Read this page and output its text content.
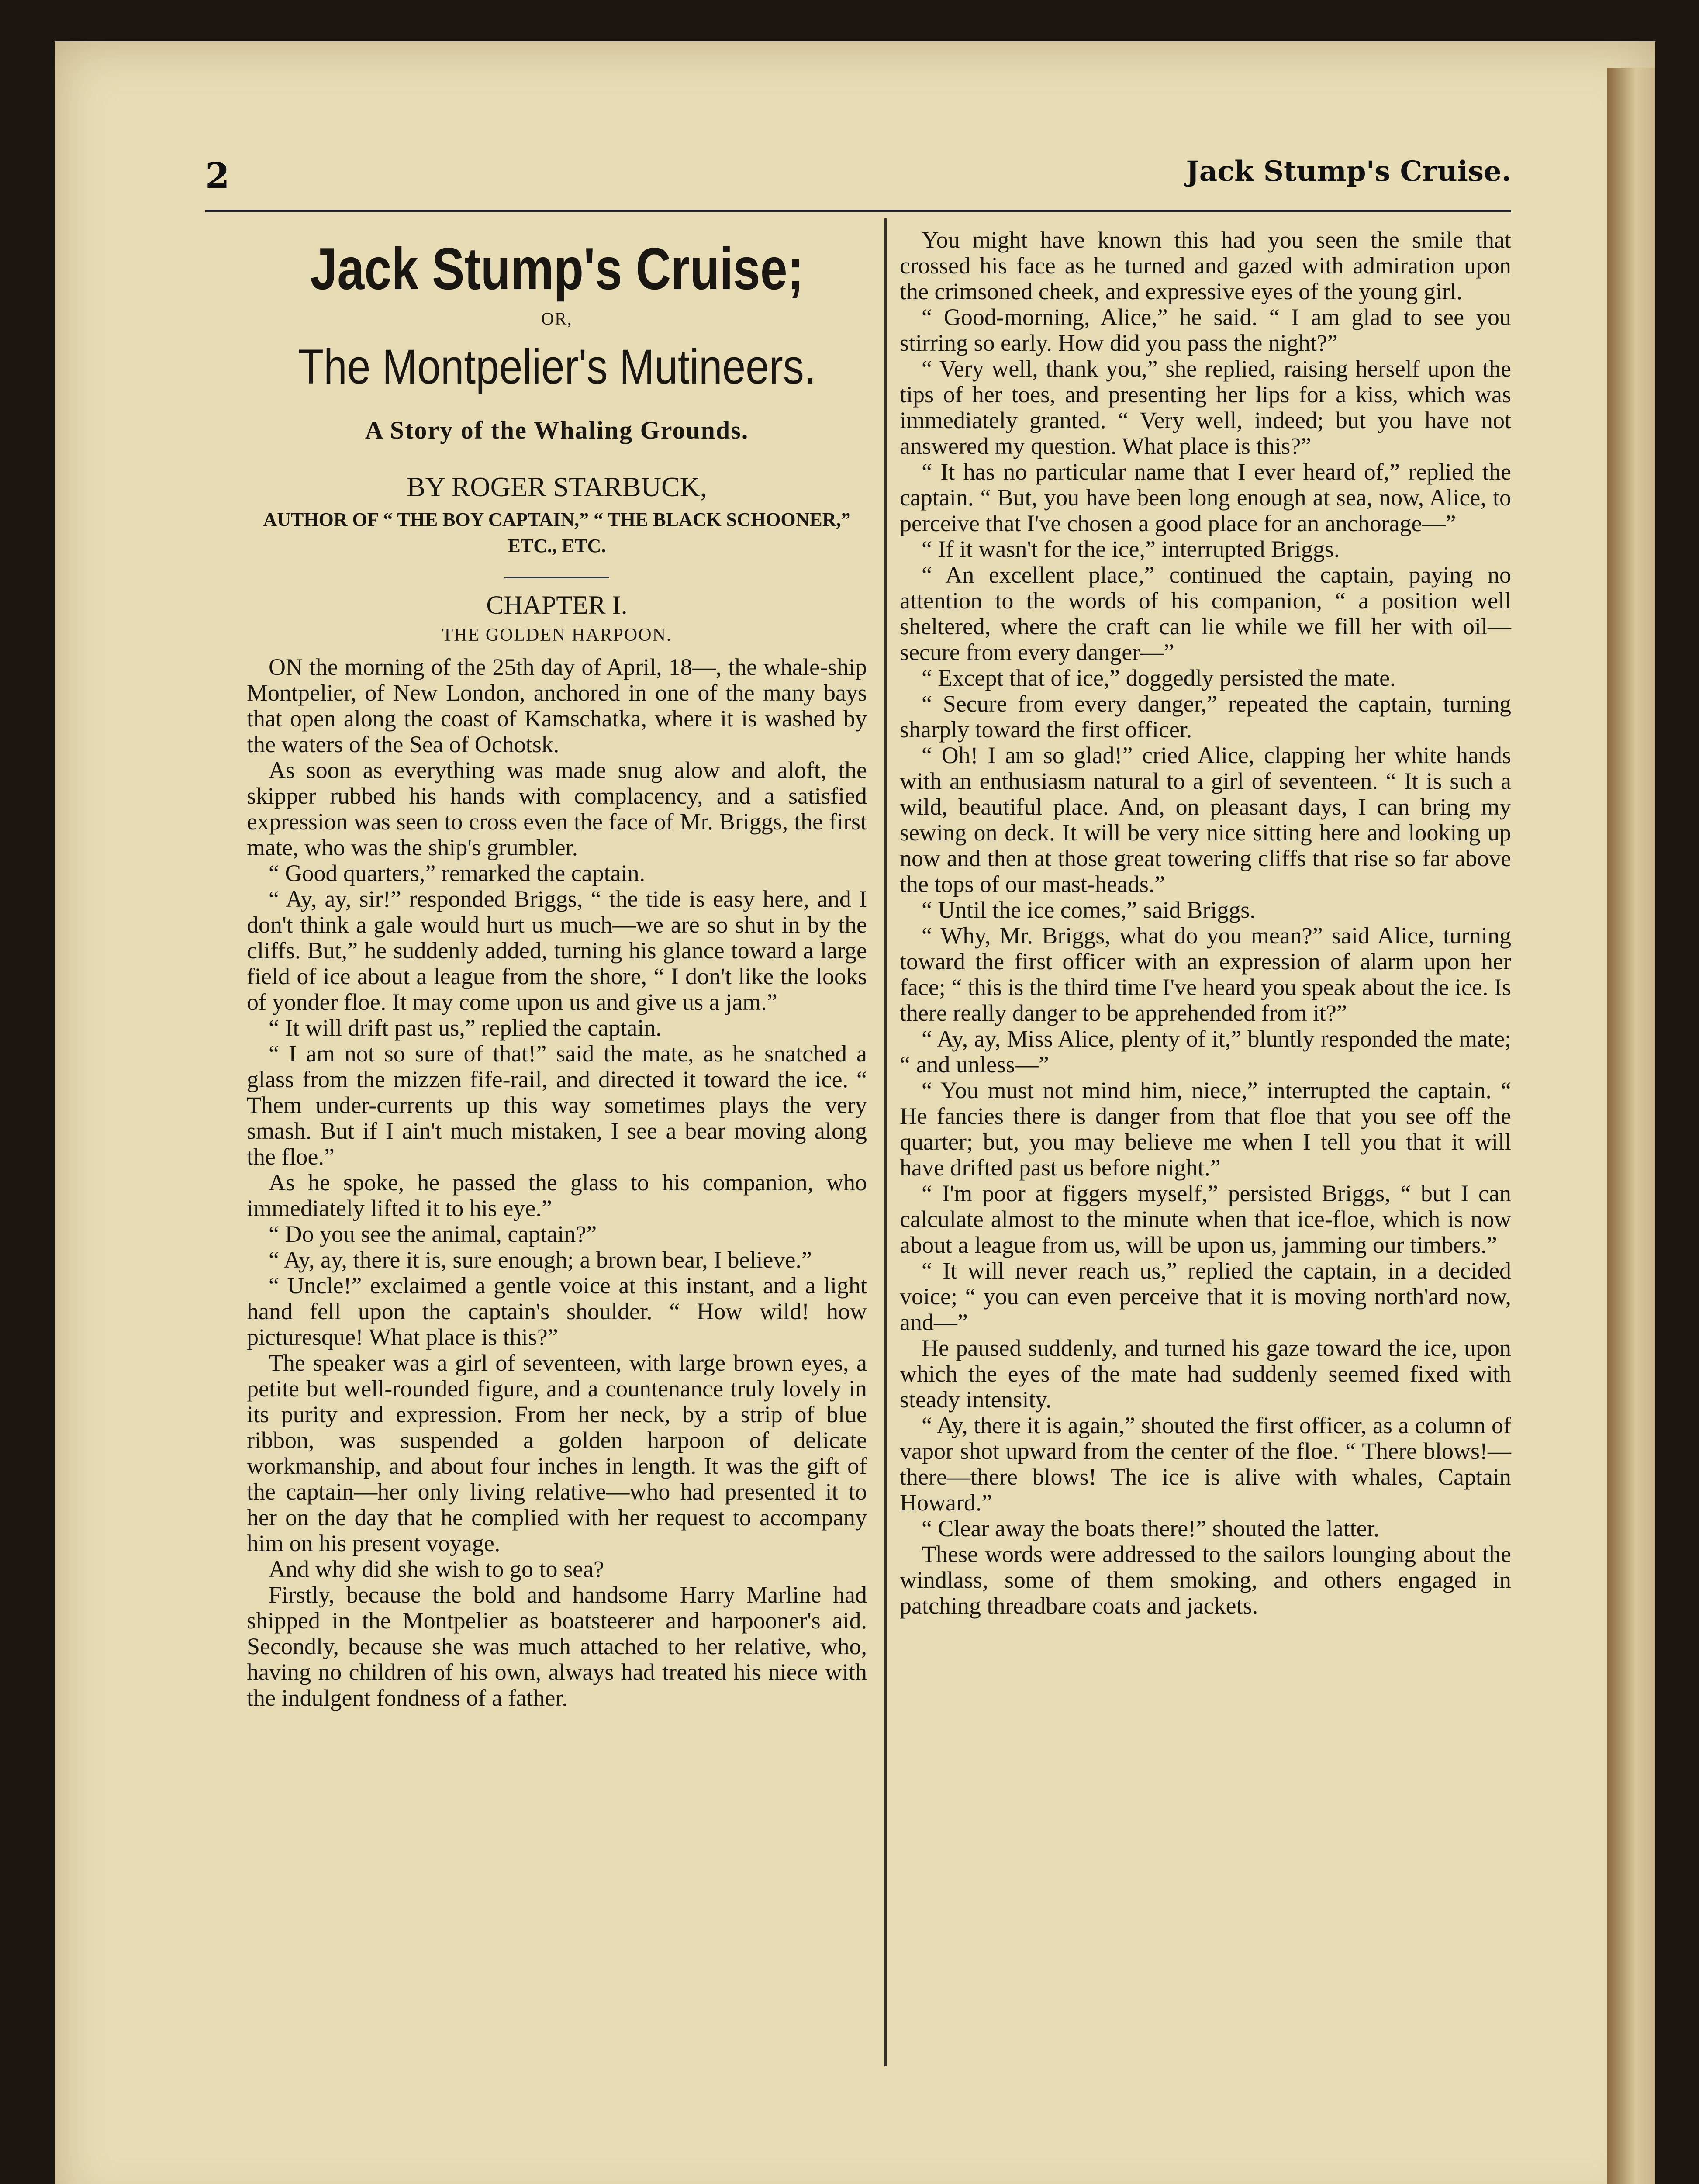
2	Jack Stump's Cruise.
Jack Stump's Cruise;
OR,
The Montpelier's Mutineers.
A Story of the Whaling Grounds.
BY ROGER STARBUCK,
AUTHOR OF “ THE BOY CAPTAIN,” “ THE BLACK SCHOONER,” ETC., ETC.
CHAPTER I.
THE GOLDEN HARPOON.

ON the morning of the 25th day of April, 18—, the whale-ship Montpelier, of New London, anchored in one of the many bays that open along the coast of Kamschatka, where it is washed by the waters of the Sea of Ochotsk.

As soon as everything was made snug alow and aloft, the skipper rubbed his hands with complacency, and a satisfied expression was seen to cross even the face of Mr. Briggs, the first mate, who was the ship's grumbler.

“ Good quarters,” remarked the captain.

“ Ay, ay, sir!” responded Briggs, “ the tide is easy here, and I don't think a gale would hurt us much—we are so shut in by the cliffs. But,” he suddenly added, turning his glance toward a large field of ice about a league from the shore, “ I don't like the looks of yonder floe. It may come upon us and give us a jam.”

“ It will drift past us,” replied the captain.

“ I am not so sure of that!” said the mate, as he snatched a glass from the mizzen fife-rail, and directed it toward the ice. “ Them under-currents up this way sometimes plays the very smash. But if I ain't much mistaken, I see a bear moving along the floe.”

As he spoke, he passed the glass to his companion, who immediately lifted it to his eye.”

“ Do you see the animal, captain?”

“ Ay, ay, there it is, sure enough; a brown bear, I believe.”

“ Uncle!” exclaimed a gentle voice at this instant, and a light hand fell upon the captain's shoulder. “ How wild! how picturesque! What place is this?”

The speaker was a girl of seventeen, with large brown eyes, a petite but well-rounded figure, and a countenance truly lovely in its purity and expression. From her neck, by a strip of blue ribbon, was suspended a golden harpoon of delicate workmanship, and about four inches in length. It was the gift of the captain—her only living relative—who had presented it to her on the day that he complied with her request to accompany him on his present voyage.

And why did she wish to go to sea?

Firstly, because the bold and handsome Harry Marline had shipped in the Montpelier as boatsteerer and harpooner's aid. Secondly, because she was much attached to her relative, who, having no children of his own, always had treated his niece with the indulgent fondness of a father.

You might have known this had you seen the smile that crossed his face as he turned and gazed with admiration upon the crimsoned cheek, and expressive eyes of the young girl.

“ Good-morning, Alice,” he said. “ I am glad to see you stirring so early. How did you pass the night?”

“ Very well, thank you,” she replied, raising herself upon the tips of her toes, and presenting her lips for a kiss, which was immediately granted. “ Very well, indeed; but you have not answered my question. What place is this?”

“ It has no particular name that I ever heard of,” replied the captain. “ But, you have been long enough at sea, now, Alice, to perceive that I've chosen a good place for an anchorage—”

“ If it wasn't for the ice,” interrupted Briggs.

“ An excellent place,” continued the captain, paying no attention to the words of his companion, “ a position well sheltered, where the craft can lie while we fill her with oil—secure from every danger—”

“ Except that of ice,” doggedly persisted the mate.

“ Secure from every danger,” repeated the captain, turning sharply toward the first officer.

“ Oh! I am so glad!” cried Alice, clapping her white hands with an enthusiasm natural to a girl of seventeen. “ It is such a wild, beautiful place. And, on pleasant days, I can bring my sewing on deck. It will be very nice sitting here and looking up now and then at those great towering cliffs that rise so far above the tops of our mast-heads.”

“ Until the ice comes,” said Briggs.

“ Why, Mr. Briggs, what do you mean?” said Alice, turning toward the first officer with an expression of alarm upon her face; “ this is the third time I've heard you speak about the ice. Is there really danger to be apprehended from it?”

“ Ay, ay, Miss Alice, plenty of it,” bluntly responded the mate; “ and unless—”

“ You must not mind him, niece,” interrupted the captain. “ He fancies there is danger from that floe that you see off the quarter; but, you may believe me when I tell you that it will have drifted past us before night.”

“ I'm poor at figgers myself,” persisted Briggs, “ but I can calculate almost to the minute when that ice-floe, which is now about a league from us, will be upon us, jamming our timbers.”

“ It will never reach us,” replied the captain, in a decided voice; “ you can even perceive that it is moving north'ard now, and—”

He paused suddenly, and turned his gaze toward the ice, upon which the eyes of the mate had suddenly seemed fixed with steady intensity.

“ Ay, there it is again,” shouted the first officer, as a column of vapor shot upward from the center of the floe. “ There blows!—there—there blows! The ice is alive with whales, Captain Howard.”

“ Clear away the boats there!” shouted the latter.

These words were addressed to the sailors lounging about the windlass, some of them smoking, and others engaged in patching threadbare coats and jackets.
